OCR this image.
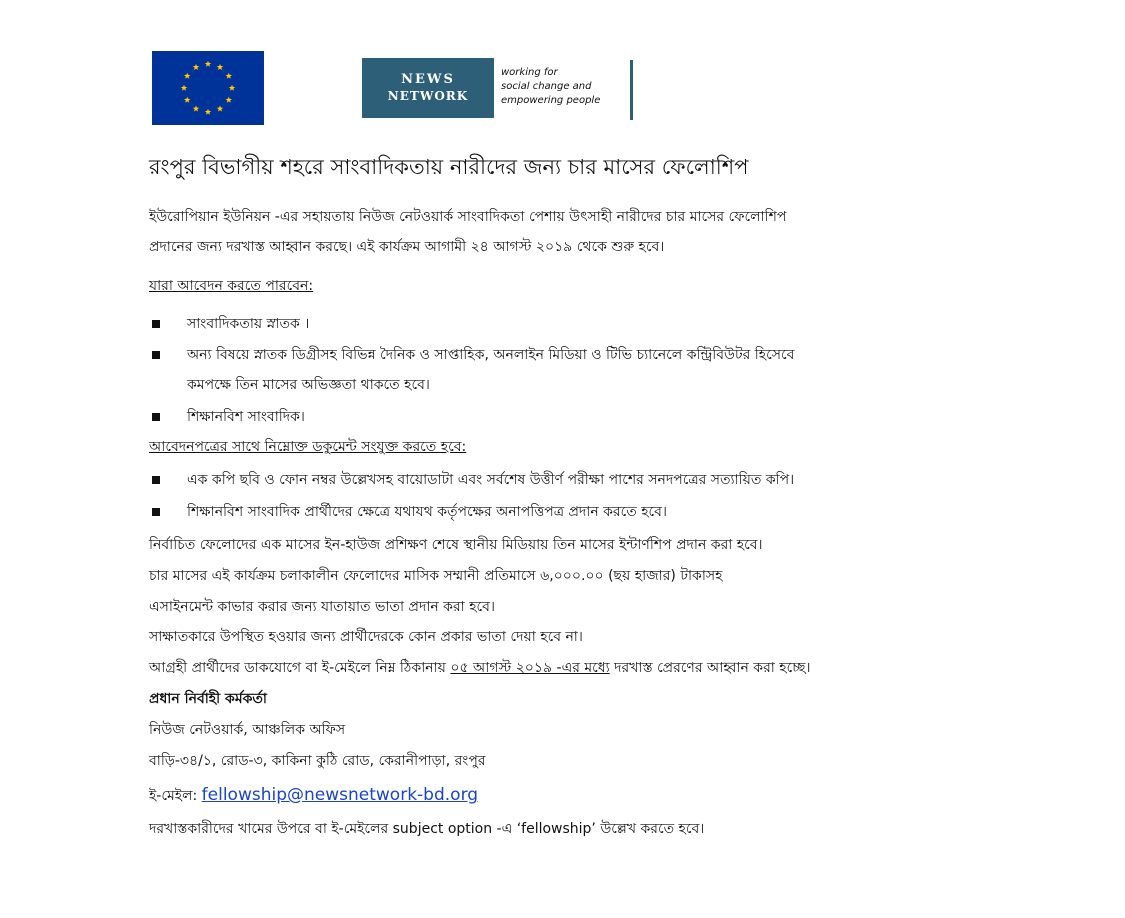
NEWS
NETWORK
working for
social change and
empowering people
রংপুর বিভাগীয় শহরে সাংবাদিকতায় নারীদের জন্য চার মাসের ফেলোশিপ
ইউরোপিয়ান ইউনিয়ন -এর সহায়তায় নিউজ নেটওয়ার্ক সাংবাদিকতা পেশায় উৎসাহী নারীদের চার মাসের ফেলোশিপ
প্রদানের জন্য দরখাস্ত আহ্বান করছে। এই কার্যক্রম আগামী ২৪ আগস্ট ২০১৯ থেকে শুরু হবে।
যারা আবেদন করতে পারবেন:
সাংবাদিকতায় স্নাতক ।
অন্য বিষয়ে স্নাতক ডিগ্রীসহ বিভিন্ন দৈনিক ও সাপ্তাহিক, অনলাইন মিডিয়া ও টিভি চ্যানেলে কন্ট্রিবিউটর হিসেবে
কমপক্ষে তিন মাসের অভিজ্ঞতা থাকতে হবে।
শিক্ষানবিশ সাংবাদিক।
আবেদনপত্রের সাথে নিম্নোক্ত ডকুমেন্ট সংযুক্ত করতে হবে:
এক কপি ছবি ও ফোন নম্বর উল্লেখসহ বায়োডাটা এবং সর্বশেষ উত্তীর্ণ পরীক্ষা পাশের সনদপত্রের সত্যায়িত কপি।
শিক্ষানবিশ সাংবাদিক প্রার্থীদের ক্ষেত্রে যথাযথ কর্তৃপক্ষের অনাপত্তিপত্র প্রদান করতে হবে।
নির্বাচিত ফেলোদের এক মাসের ইন-হাউজ প্রশিক্ষণ শেষে স্থানীয় মিডিয়ায় তিন মাসের ইন্টার্ণশিপ প্রদান করা হবে।
চার মাসের এই কার্যক্রম চলাকালীন ফেলোদের মাসিক সম্মানী প্রতিমাসে ৬,০০০.০০ (ছয় হাজার) টাকাসহ
এসাইনমেন্ট কাভার করার জন্য যাতায়াত ভাতা প্রদান করা হবে।
সাক্ষাতকারে উপস্থিত হওয়ার জন্য প্রার্থীদেরকে কোন প্রকার ভাতা দেয়া হবে না।
আগ্রহী প্রার্থীদের ডাকযোগে বা ই-মেইলে নিম্ন ঠিকানায় ০৫ আগস্ট ২০১৯ -এর মধ্যে দরখাস্ত প্রেরণের আহ্বান করা হচ্ছে।
প্রধান নির্বাহী কর্মকর্তা
নিউজ নেটওয়ার্ক, আঞ্চলিক অফিস
বাড়ি-৩৪/১, রোড-৩, কাকিনা কুঠি রোড, কেরানীপাড়া, রংপুর
ই-মেইল: fellowship@newsnetwork-bd.org
দরখাস্তকারীদের খামের উপরে বা ই-মেইলের subject option -এ ‘fellowship’ উল্লেখ করতে হবে।
